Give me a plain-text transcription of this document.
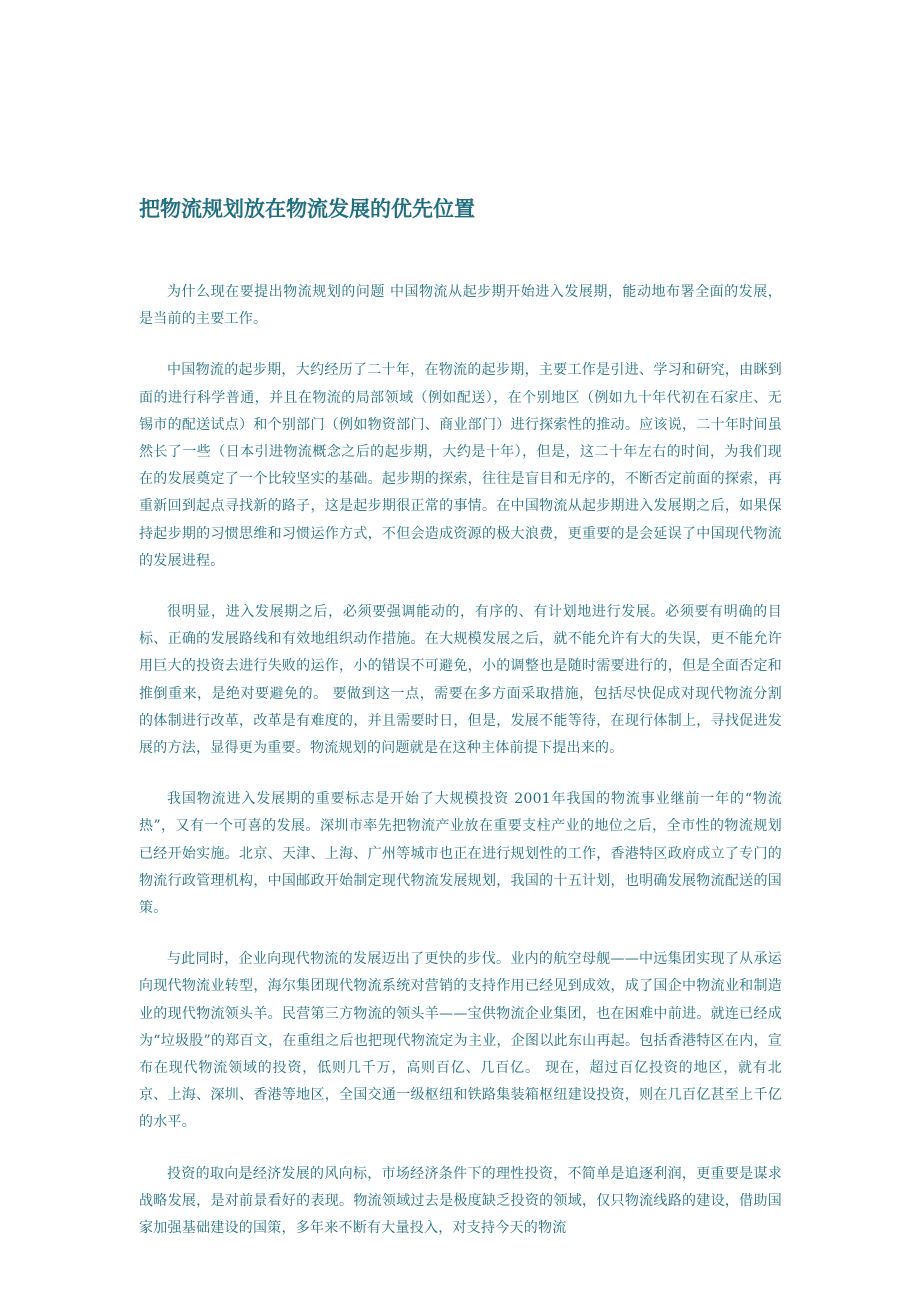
把物流规划放在物流发展的优先位置

为什么现在要提出物流规划的问题 中国物流从起步期开始进入发展期，能动地布署全面的发展，是当前的主要工作。

中国物流的起步期，大约经历了二十年，在物流的起步期，主要工作是引进、学习和研究，由眯到面的进行科学普通，并且在物流的局部领域（例如配送），在个别地区（例如九十年代初在石家庄、无锡市的配送试点）和个别部门（例如物资部门、商业部门）进行探索性的推动。应该说，二十年时间虽然长了一些（日本引进物流概念之后的起步期，大约是十年），但是，这二十年左右的时间，为我们现在的发展奠定了一个比较坚实的基础。起步期的探索，往往是盲目和无序的，不断否定前面的探索，再重新回到起点寻找新的路子，这是起步期很正常的事情。在中国物流从起步期进入发展期之后，如果保持起步期的习惯思维和习惯运作方式，不但会造成资源的极大浪费，更重要的是会延误了中国现代物流的发展进程。

很明显，进入发展期之后，必须要强调能动的，有序的、有计划地进行发展。必须要有明确的目标、正确的发展路线和有效地组织动作措施。在大规模发展之后，就不能允许有大的失误，更不能允许用巨大的投资去进行失败的运作，小的错误不可避免，小的调整也是随时需要进行的，但是全面否定和推倒重来，是绝对要避免的。 要做到这一点，需要在多方面采取措施，包括尽快促成对现代物流分割的体制进行改革，改革是有难度的，并且需要时日，但是，发展不能等待，在现行体制上，寻找促进发展的方法，显得更为重要。物流规划的问题就是在这种主体前提下提出来的。

我国物流进入发展期的重要标志是开始了大规模投资 2001年我国的物流事业继前一年的“物流热”，又有一个可喜的发展。深圳市率先把物流产业放在重要支柱产业的地位之后，全市性的物流规划已经开始实施。北京、天津、上海、广州等城市也正在进行规划性的工作，香港特区政府成立了专门的物流行政管理机构，中国邮政开始制定现代物流发展规划，我国的十五计划，也明确发展物流配送的国策。

与此同时，企业向现代物流的发展迈出了更快的步伐。业内的航空母舰——中远集团实现了从承运向现代物流业转型，海尔集团现代物流系统对营销的支持作用已经见到成效，成了国企中物流业和制造业的现代物流领头羊。民营第三方物流的领头羊——宝供物流企业集团，也在困难中前进。就连已经成为“垃圾股”的郑百文，在重组之后也把现代物流定为主业，企图以此东山再起。包括香港特区在内，宣布在现代物流领域的投资，低则几千万，高则百亿、几百亿。 现在，超过百亿投资的地区，就有北京、上海、深圳、香港等地区，全国交通一级枢纽和铁路集装箱枢纽建设投资，则在几百亿甚至上千亿的水平。

投资的取向是经济发展的风向标，市场经济条件下的理性投资，不简单是追逐利润，更重要是谋求战略发展，是对前景看好的表现。物流领域过去是极度缺乏投资的领域，仅只物流线路的建设，借助国家加强基础建设的国策，多年来不断有大量投入，对支持今天的物流
